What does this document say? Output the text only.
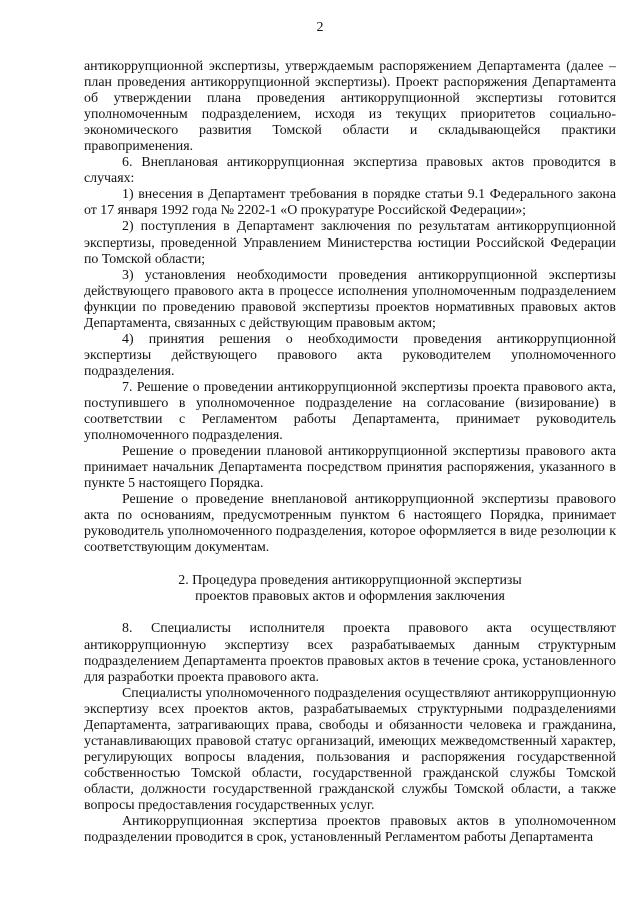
2

антикоррупционной экспертизы, утверждаемым распоряжением Департамента (далее – план проведения антикоррупционной экспертизы). Проект распоряжения Департамента об утверждении плана проведения антикоррупционной экспертизы готовится уполномоченным подразделением, исходя из текущих приоритетов социально-экономического развития Томской области и складывающейся практики правоприменения.

6. Внеплановая антикоррупционная экспертиза правовых актов проводится в случаях:

1) внесения в Департамент требования в порядке статьи 9.1 Федерального закона от 17 января 1992 года № 2202-1 «О прокуратуре Российской Федерации»;

2) поступления в Департамент заключения по результатам антикоррупционной экспертизы, проведенной Управлением Министерства юстиции Российской Федерации по Томской области;

3) установления необходимости проведения антикоррупционной экспертизы действующего правового акта в процессе исполнения уполномоченным подразделением функции по проведению правовой экспертизы проектов нормативных правовых актов Департамента, связанных с действующим правовым актом;

4) принятия решения о необходимости проведения антикоррупционной экспертизы действующего правового акта руководителем уполномоченного подразделения.

7. Решение о проведении антикоррупционной экспертизы проекта правового акта, поступившего в уполномоченное подразделение на согласование (визирование) в соответствии с Регламентом работы Департамента, принимает руководитель уполномоченного подразделения.

Решение о проведении плановой антикоррупционной экспертизы правового акта принимает начальник Департамента посредством принятия распоряжения, указанного в пункте 5 настоящего Порядка.

Решение о проведение внеплановой антикоррупционной экспертизы правового акта по основаниям, предусмотренным пунктом 6 настоящего Порядка, принимает руководитель уполномоченного подразделения, которое оформляется в виде резолюции к соответствующим документам.

2. Процедура проведения антикоррупционной экспертизы
проектов правовых актов и оформления заключения

8. Специалисты исполнителя проекта правового акта осуществляют антикоррупционную экспертизу всех разрабатываемых данным структурным подразделением Департамента проектов правовых актов в течение срока, установленного для разработки проекта правового акта.

Специалисты уполномоченного подразделения осуществляют антикоррупционную экспертизу всех проектов актов, разрабатываемых структурными подразделениями Департамента, затрагивающих права, свободы и обязанности человека и гражданина, устанавливающих правовой статус организаций, имеющих межведомственный характер, регулирующих вопросы владения, пользования и распоряжения государственной собственностью Томской области, государственной гражданской службы Томской области, должности государственной гражданской службы Томской области, а также вопросы предоставления государственных услуг.

Антикоррупционная экспертиза проектов правовых актов в уполномоченном подразделении проводится в срок, установленный Регламентом работы Департамента
